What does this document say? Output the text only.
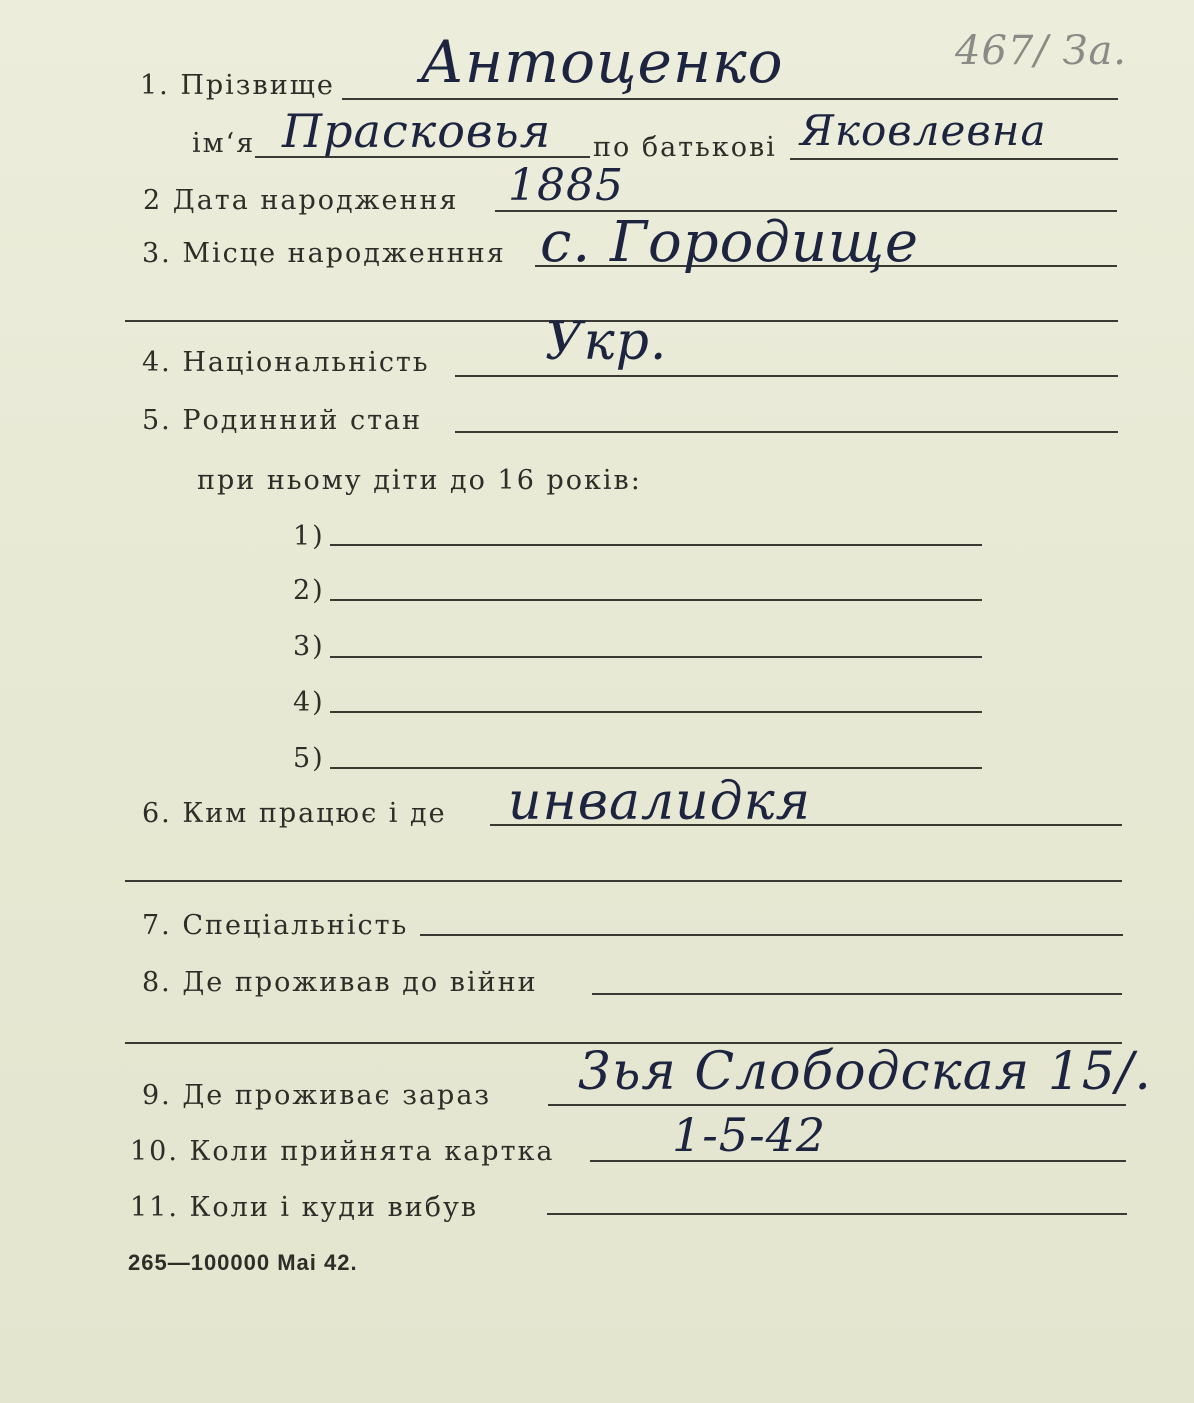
1. Прізвище Антоценко	467/ За.
ім‘я Прасковья по батькові Яковлевна
2 Дата народження 1885
3. Місце народженння с. Городище
4. Національність Укр.
5. Родинний стан
при ньому діти до 16 років:
1)
2)
3)
4)
5)
6. Ким працює і де инвалидкя
7. Спеціальність
8. Де проживав до війни
9. Де проживає зараз 3ья Слободская 15/.
10. Коли прийнята картка	1-5-42
11. Коли і куди вибув
265—100000 Mai 42.
